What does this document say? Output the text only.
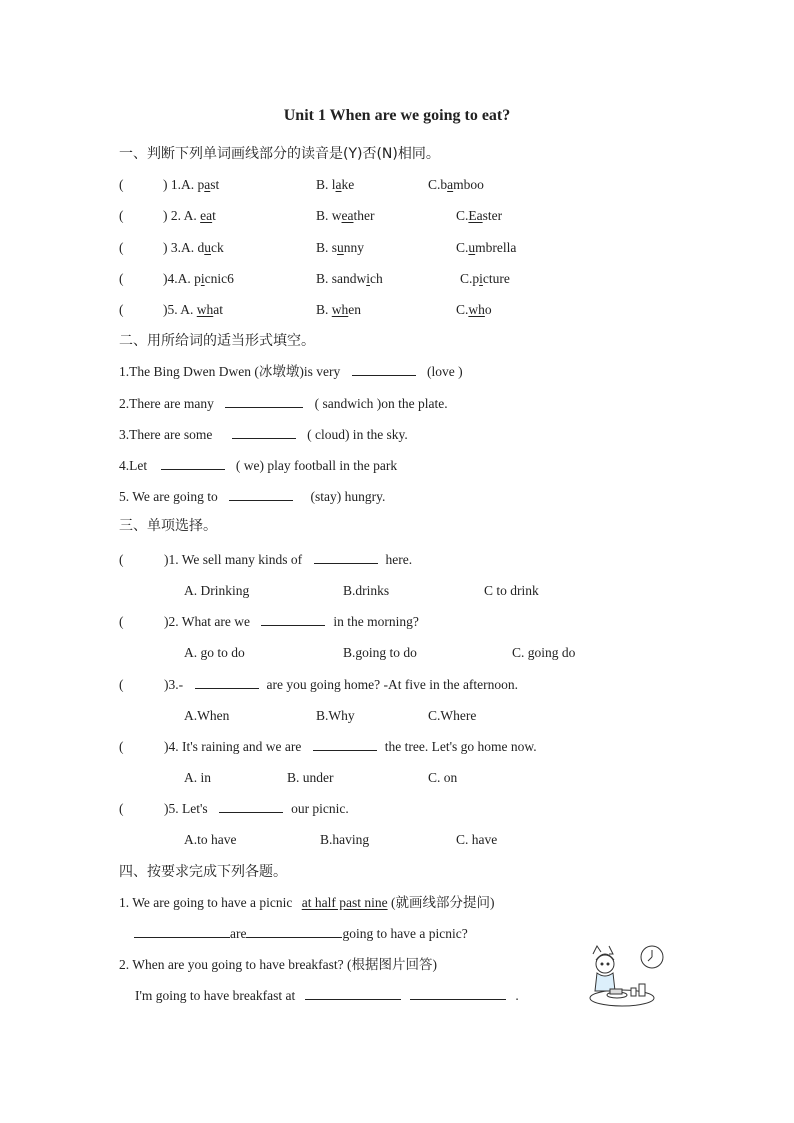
Unit 1 When are we going to eat?
一、判断下列单词画线部分的读音是(Y)否(N)相同。
(	) 1.A. past	B. lake	C.bamboo
(	) 2. A. eat	B. weather	C.Easter
(	) 3.A. duck	B. sunny	C.umbrella
(	)4.A. picnic6	B. sandwich	C.picture
(	)5. A. what	B. when	C.who
二、用所给词的适当形式填空。
1.The Bing Dwen Dwen (冰墩墩)is very	(love )
2.There are many	( sandwich )on the plate.
3.There are some	( cloud) in the sky.
4.Let	( we) play football in the park
5. We are going to	(stay) hungry.
三、单项选择。
(	)1. We sell many kinds of	here.
A. Drinking	B.drinks	C to drink
(	)2. What are we	in the morning?
A. go to do	B.going to do	C. going do
(	)3.-	are you going home? -At five in the afternoon.
A.When	B.Why	C.Where
(	)4. It's raining and we are	the tree. Let's go home now.
A. in	B. under	C. on
(	)5. Let's	our picnic.
A.to have	B.having	C. have
四、按要求完成下列各题。
1. We are going to have a picnic at half past nine (就画线部分提问)
are	going to have a picnic?
2. When are you going to have breakfast? (根据图片回答)
I'm going to have breakfast at	.
